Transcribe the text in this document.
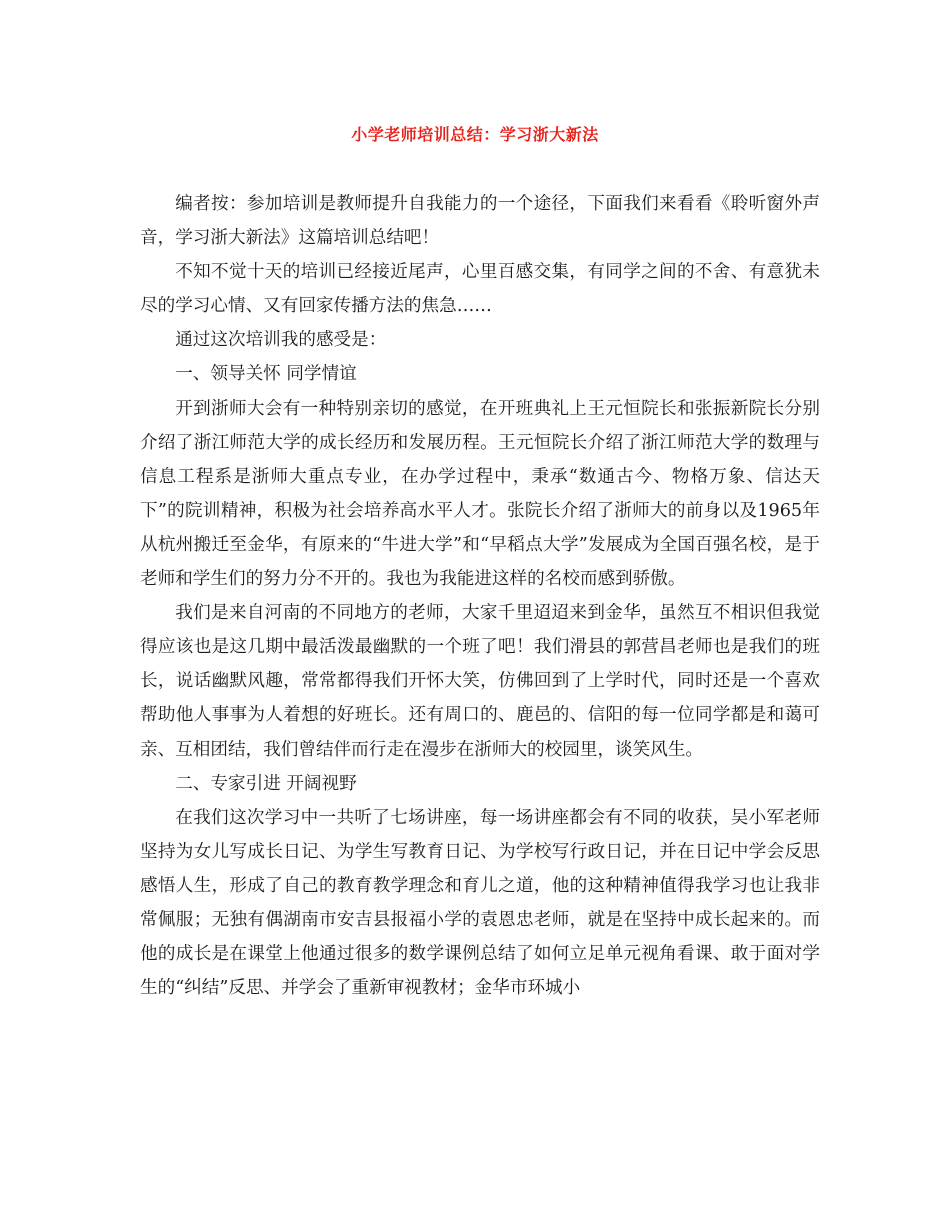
小学老师培训总结：学习浙大新法

编者按：参加培训是教师提升自我能力的一个途径，下面我们来看看《聆听窗外声音，学习浙大新法》这篇培训总结吧！

不知不觉十天的培训已经接近尾声，心里百感交集，有同学之间的不舍、有意犹未尽的学习心情、又有回家传播方法的焦急……

通过这次培训我的感受是：

一、领导关怀 同学情谊

开到浙师大会有一种特别亲切的感觉，在开班典礼上王元恒院长和张振新院长分别介绍了浙江师范大学的成长经历和发展历程。王元恒院长介绍了浙江师范大学的数理与信息工程系是浙师大重点专业，在办学过程中，秉承“数通古今、物格万象、信达天下”的院训精神，积极为社会培养高水平人才。张院长介绍了浙师大的前身以及1965年从杭州搬迁至金华，有原来的“牛进大学”和“早稻点大学”发展成为全国百强名校，是于老师和学生们的努力分不开的。我也为我能进这样的名校而感到骄傲。

我们是来自河南的不同地方的老师，大家千里迢迢来到金华，虽然互不相识但我觉得应该也是这几期中最活泼最幽默的一个班了吧！我们滑县的郭营昌老师也是我们的班长，说话幽默风趣，常常都得我们开怀大笑，仿佛回到了上学时代，同时还是一个喜欢帮助他人事事为人着想的好班长。还有周口的、鹿邑的、信阳的每一位同学都是和蔼可亲、互相团结，我们曾结伴而行走在漫步在浙师大的校园里，谈笑风生。

二、专家引进 开阔视野

在我们这次学习中一共听了七场讲座，每一场讲座都会有不同的收获，吴小军老师坚持为女儿写成长日记、为学生写教育日记、为学校写行政日记，并在日记中学会反思感悟人生，形成了自己的教育教学理念和育儿之道，他的这种精神值得我学习也让我非常佩服；无独有偶湖南市安吉县报福小学的袁恩忠老师，就是在坚持中成长起来的。而他的成长是在课堂上他通过很多的数学课例总结了如何立足单元视角看课、敢于面对学生的“纠结”反思、并学会了重新审视教材；金华市环城小
